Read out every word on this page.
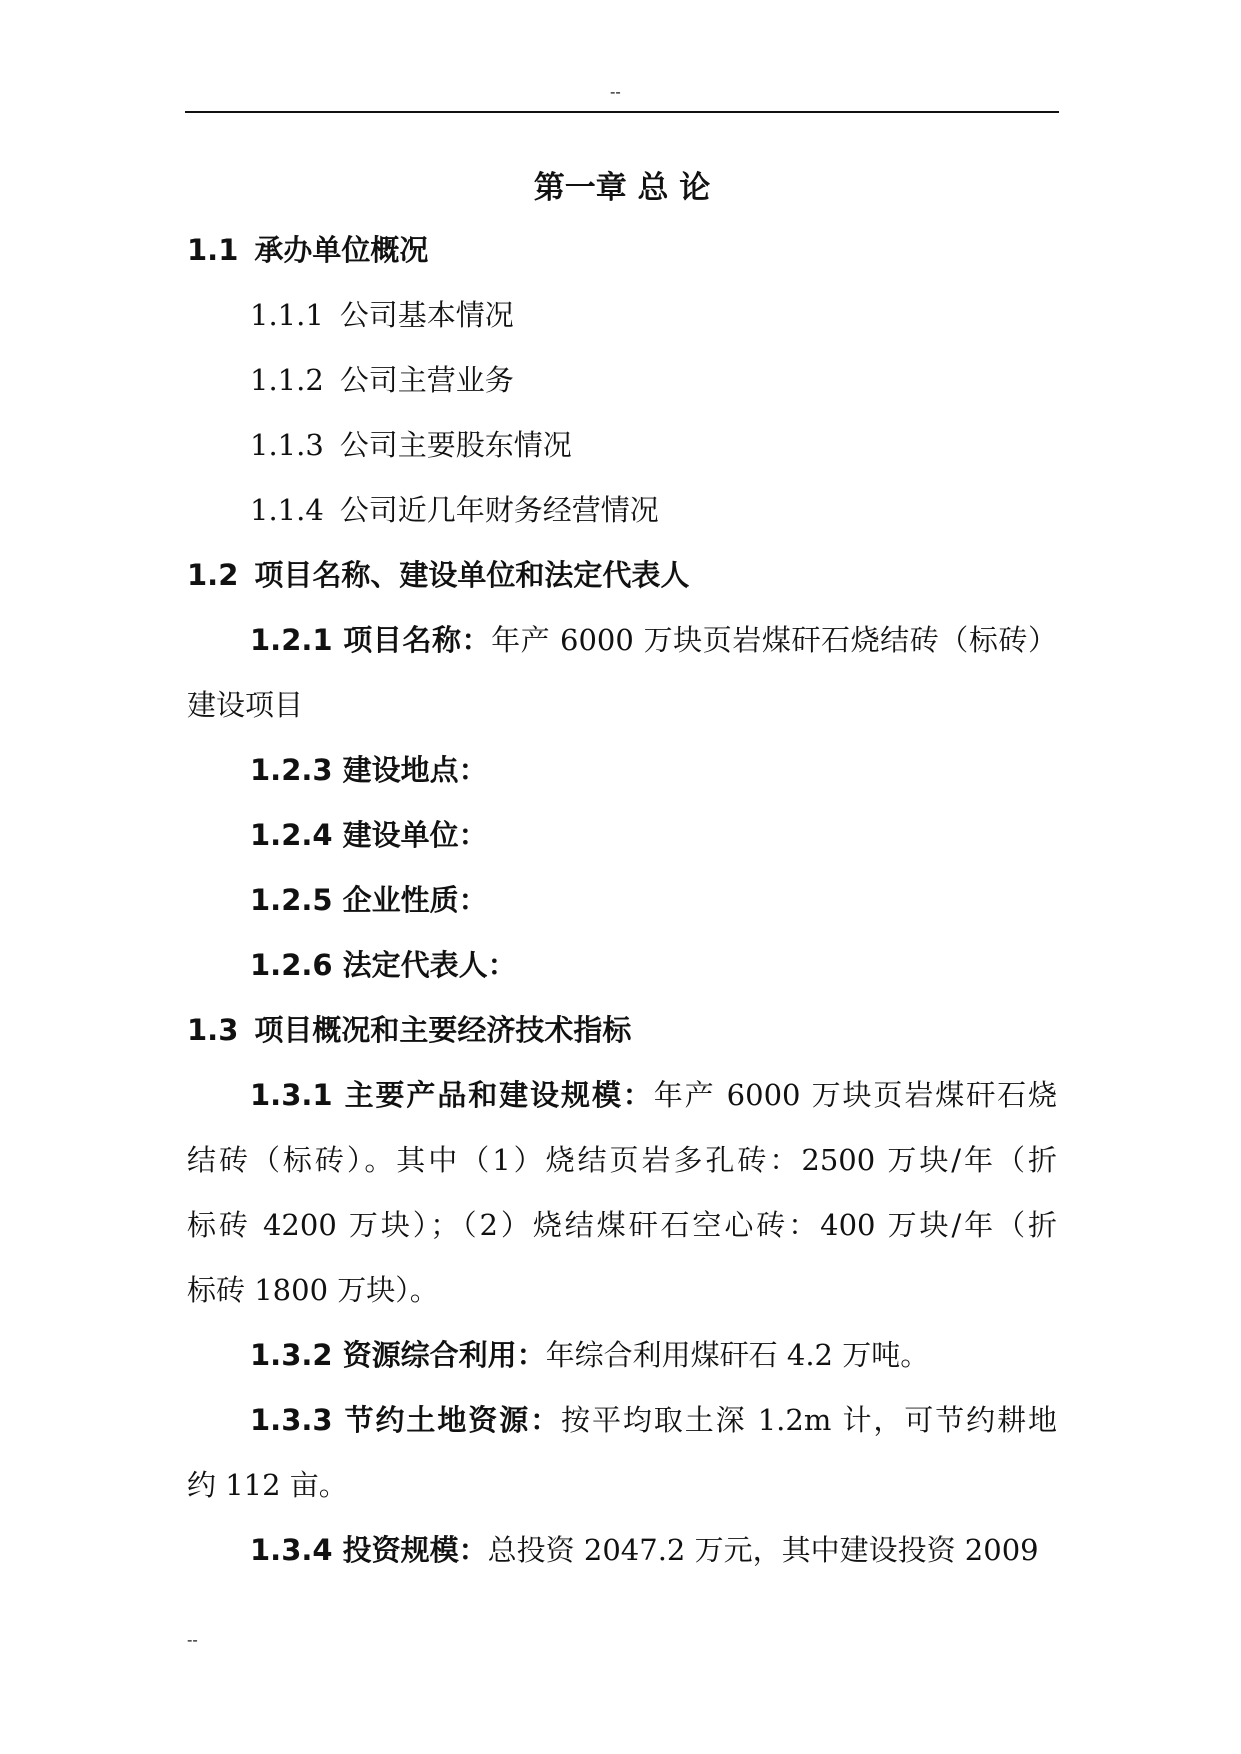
--
第一章 总 论
1.1 承办单位概况
1.1.1 公司基本情况
1.1.2 公司主营业务
1.1.3 公司主要股东情况
1.1.4 公司近几年财务经营情况
1.2 项目名称、建设单位和法定代表人
1.2.1 项目名称：年产 6000 万块页岩煤矸石烧结砖（标砖）
建设项目
1.2.3 建设地点：
1.2.4 建设单位：
1.2.5 企业性质：
1.2.6 法定代表人：
1.3 项目概况和主要经济技术指标
1.3.1 主要产品和建设规模：年产 6000 万块页岩煤矸石烧
结砖（标砖）。其中（1）烧结页岩多孔砖：2500 万块/年（折
标砖 4200 万块）；（2）烧结煤矸石空心砖：400 万块/年（折
标砖 1800 万块）。
1.3.2 资源综合利用：年综合利用煤矸石 4.2 万吨。
1.3.3 节约土地资源：按平均取土深 1.2m 计，可节约耕地
约 112 亩。
1.3.4 投资规模：总投资 2047.2 万元，其中建设投资 2009
--
